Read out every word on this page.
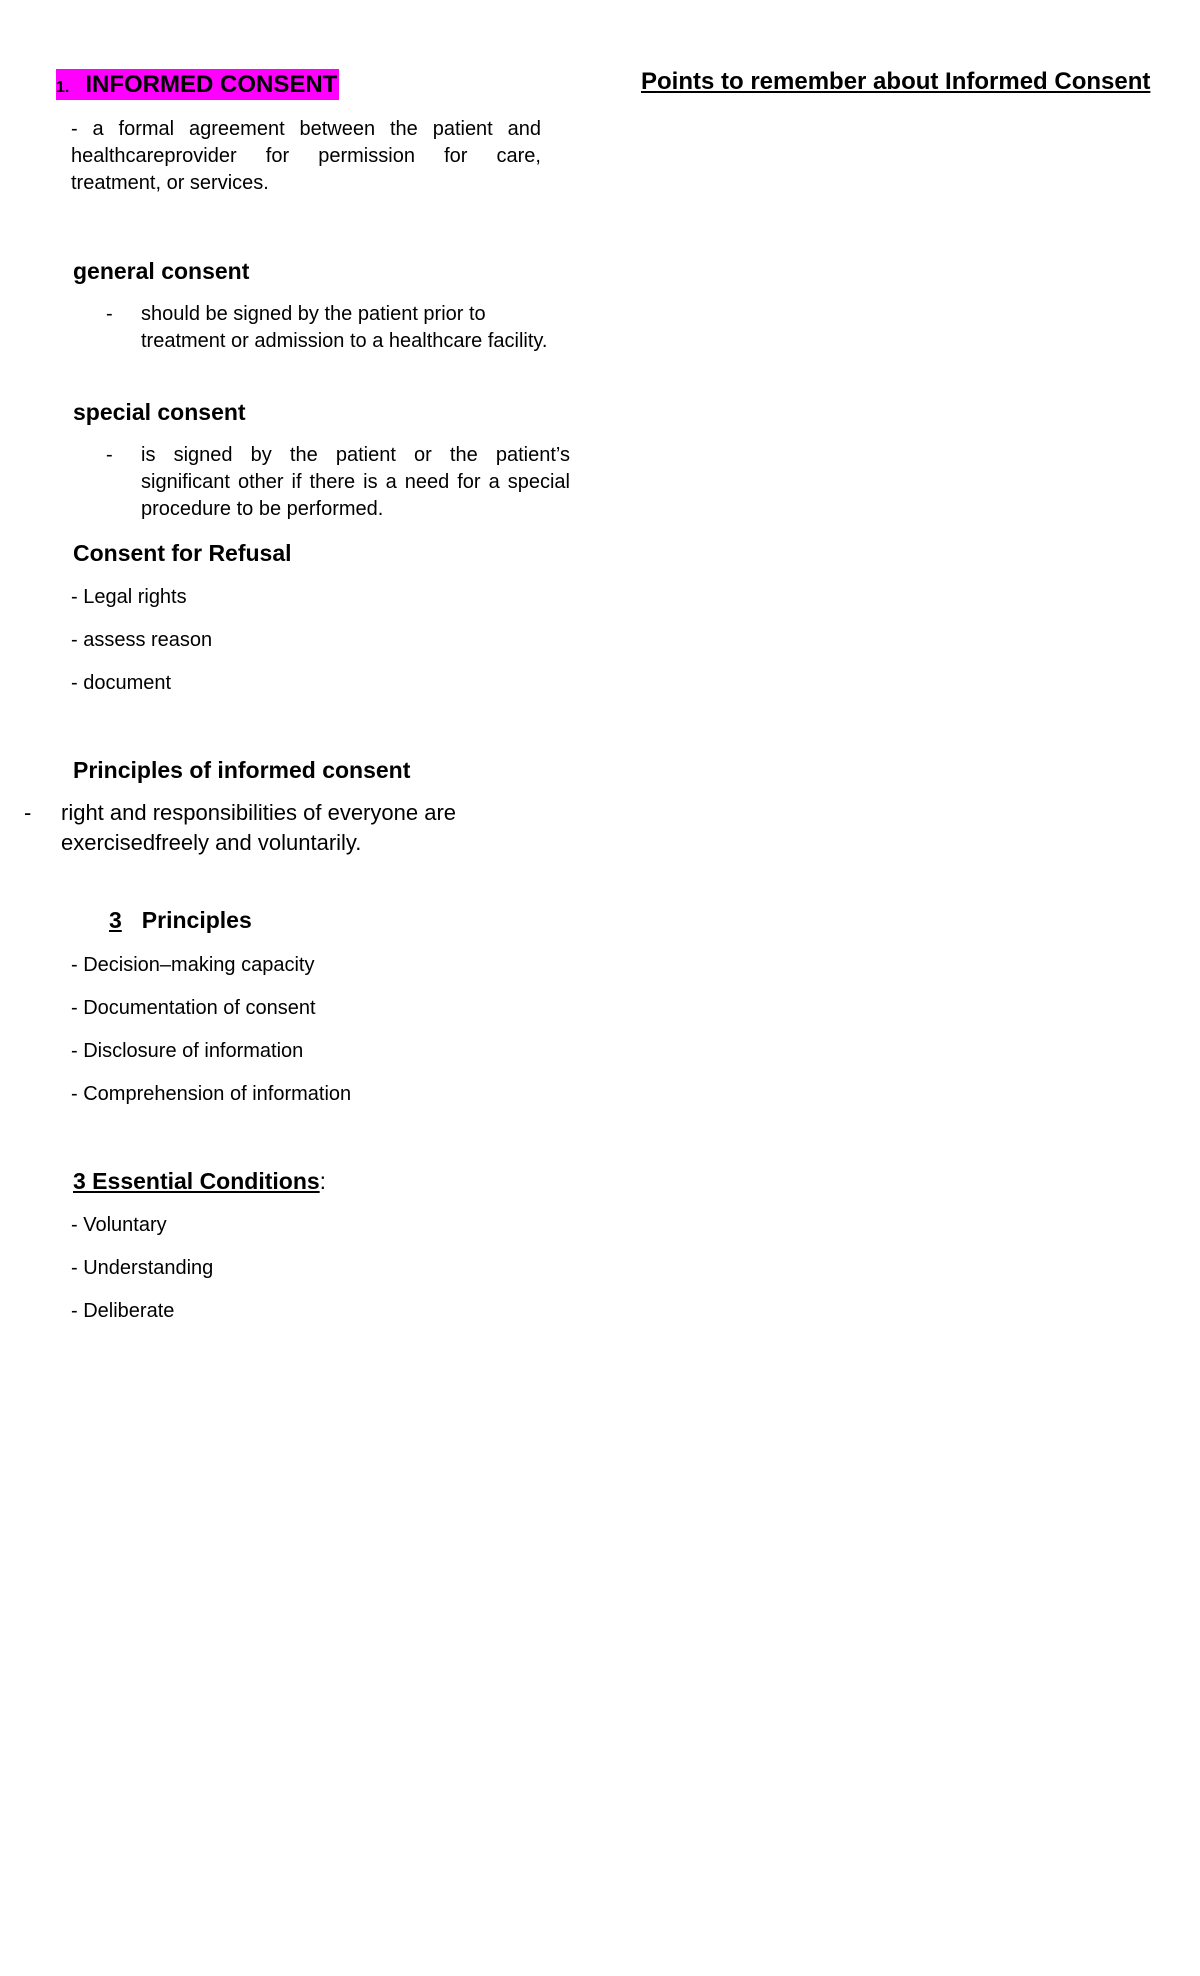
1. INFORMED CONSENT	Points to remember about Informed Consent
- a formal agreement between the patient and healthcareprovider for permission for care, treatment, or services.
general consent
- should be signed by the patient prior to treatment or admission to a healthcare facility.
special consent
- is signed by the patient or the patient’s significant other if there is a need for a special procedure to be performed.
Consent for Refusal
- Legal rights
- assess reason
- document
Principles of informed consent
- right and responsibilities of everyone are exercisedfreely and voluntarily.
3 Principles
- Decision–making capacity
- Documentation of consent
- Disclosure of information
- Comprehension of information
3 Essential Conditions:
- Voluntary
- Understanding
- Deliberate
